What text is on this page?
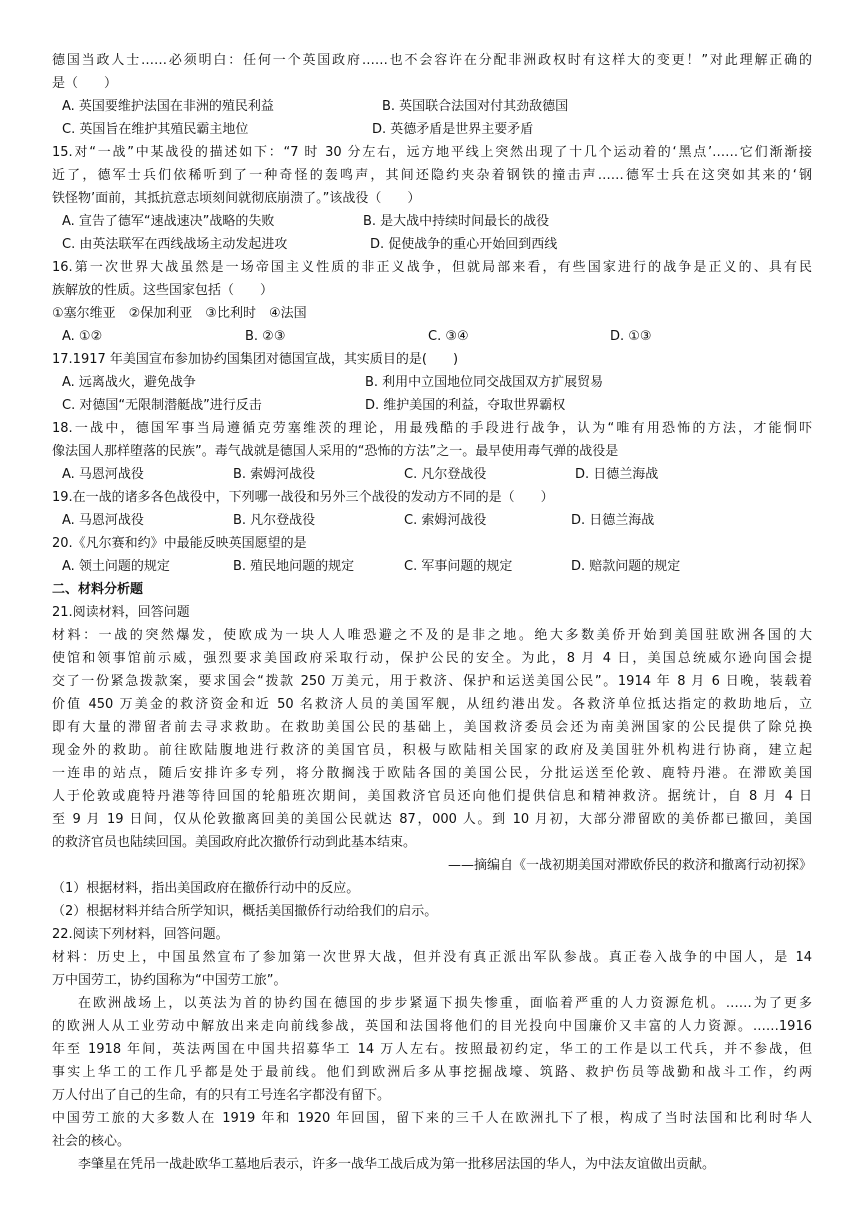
德国当政人士……必须明白：任何一个英国政府……也不会容许在分配非洲政权时有这样大的变更！”对此理解正确的
是（　　）
A. 英国要维护法国在非洲的殖民利益	B. 英国联合法国对付其劲敌德国
C. 英国旨在维护其殖民霸主地位	D. 英德矛盾是世界主要矛盾
15.对“一战”中某战役的描述如下：“7 时 30 分左右，远方地平线上突然出现了十几个运动着的‘黑点’……它们渐渐接
近了，德军士兵们依稀听到了一种奇怪的轰鸣声，其间还隐约夹杂着钢铁的撞击声……德军士兵在这突如其来的‘钢
铁怪物’面前，其抵抗意志顷刻间就彻底崩溃了。”该战役（　　）
A. 宣告了德军“速战速决”战略的失败	B. 是大战中持续时间最长的战役
C. 由英法联军在西线战场主动发起进攻	D. 促使战争的重心开始回到西线
16.第一次世界大战虽然是一场帝国主义性质的非正义战争，但就局部来看，有些国家进行的战争是正义的、具有民
族解放的性质。这些国家包括（　　）
①塞尔维亚　②保加利亚　③比利时　④法国
A. ①②	B. ②③	C. ③④	D. ①③
17.1917 年美国宣布参加协约国集团对德国宣战，其实质目的是(　　)
A. 远离战火，避免战争	B. 利用中立国地位同交战国双方扩展贸易
C. 对德国“无限制潜艇战”进行反击	D. 维护美国的利益，夺取世界霸权
18.一战中，德国军事当局遵循克劳塞维茨的理论，用最残酷的手段进行战争，认为“唯有用恐怖的方法，才能恫吓
像法国人那样堕落的民族”。毒气战就是德国人采用的“恐怖的方法”之一。最早使用毒气弹的战役是
A. 马恩河战役	B. 索姆河战役	C. 凡尔登战役	D. 日德兰海战
19.在一战的诸多各色战役中，下列哪一战役和另外三个战役的发动方不同的是（　　）
A. 马恩河战役	B. 凡尔登战役	C. 索姆河战役	D. 日德兰海战
20.《凡尔赛和约》中最能反映英国愿望的是
A. 领土问题的规定	B. 殖民地问题的规定	C. 军事问题的规定	D. 赔款问题的规定
二、材料分析题
21.阅读材料，回答问题
材料：一战的突然爆发，使欧成为一块人人唯恐避之不及的是非之地。绝大多数美侨开始到美国驻欧洲各国的大
使馆和领事馆前示威，强烈要求美国政府采取行动，保护公民的安全。为此，8 月 4 日，美国总统威尔逊向国会提
交了一份紧急拨款案，要求国会“拨款 250 万美元，用于救济、保护和运送美国公民”。1914 年 8 月 6 日晚，装载着
价值 450 万美金的救济资金和近 50 名救济人员的美国军舰，从纽约港出发。各救济单位抵达指定的救助地后，立
即有大量的滞留者前去寻求救助。在救助美国公民的基础上，美国救济委员会还为南美洲国家的公民提供了除兑换
现金外的救助。前往欧陆腹地进行救济的美国官员，积极与欧陆相关国家的政府及美国驻外机构进行协商，建立起
一连串的站点，随后安排许多专列，将分散搁浅于欧陆各国的美国公民，分批运送至伦敦、鹿特丹港。在滞欧美国
人于伦敦或鹿特丹港等待回国的轮船班次期间，美国救济官员还向他们提供信息和精神救济。据统计，自 8 月 4 日
至 9 月 19 日间，仅从伦敦撤离回美的美国公民就达 87，000 人。到 10 月初，大部分滞留欧的美侨都已撤回，美国
的救济官员也陆续回国。美国政府此次撤侨行动到此基本结束。
——摘编自《一战初期美国对滞欧侨民的救济和撤离行动初探》
（1）根据材料，指出美国政府在撤侨行动中的反应。
（2）根据材料并结合所学知识，概括美国撤侨行动给我们的启示。
22.阅读下列材料，回答问题。
材料：历史上，中国虽然宣布了参加第一次世界大战，但并没有真正派出军队参战。真正卷入战争的中国人，是 14
万中国劳工，协约国称为“中国劳工旅”。
在欧洲战场上，以英法为首的协约国在德国的步步紧逼下损失惨重，面临着严重的人力资源危机。……为了更多
的欧洲人从工业劳动中解放出来走向前线参战，英国和法国将他们的目光投向中国廉价又丰富的人力资源。……1916
年至 1918 年间，英法两国在中国共招募华工 14 万人左右。按照最初约定，华工的工作是以工代兵，并不参战，但
事实上华工的工作几乎都是处于最前线。他们到欧洲后多从事挖掘战壕、筑路、救护伤员等战勤和战斗工作，约两
万人付出了自己的生命，有的只有工号连名字都没有留下。
中国劳工旅的大多数人在 1919 年和 1920 年回国，留下来的三千人在欧洲扎下了根，构成了当时法国和比利时华人
社会的核心。
李肇星在凭吊一战赴欧华工墓地后表示，许多一战华工战后成为第一批移居法国的华人，为中法友谊做出贡献。
